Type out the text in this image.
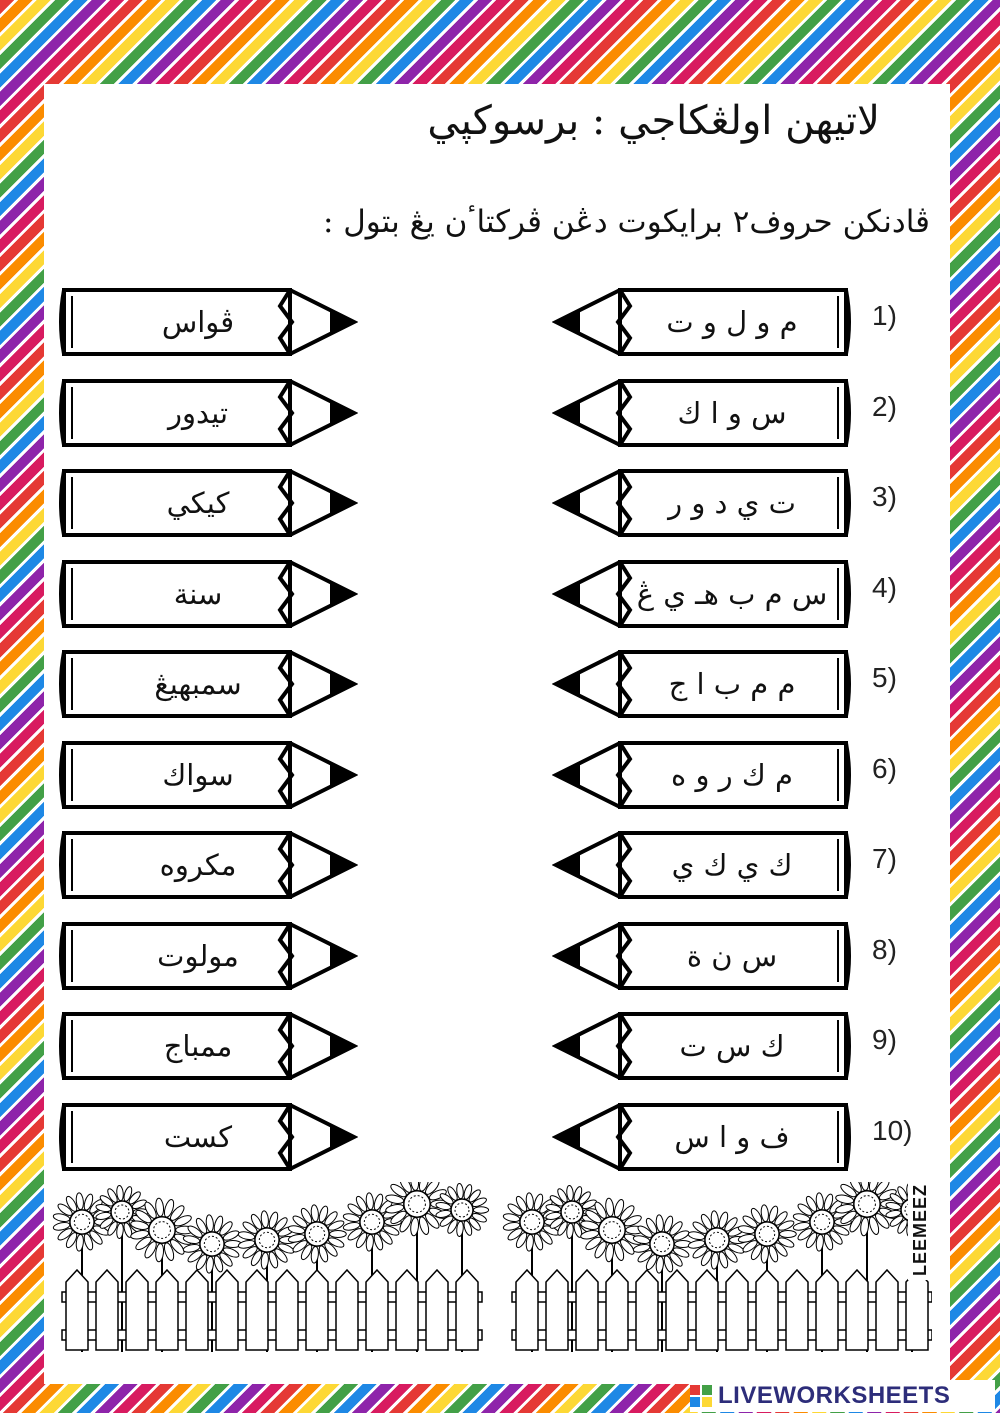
لاتيهن اولڠكاجي : برسوكڽي
ڤادنكن حروف٢ برايكوت دڠن ڤركتاٴن يڠ بتول :
ڤواس	م و ل و ت	1)
تيدور	س و ا ك	2)
كيكي	ت ي د و ر	3)
سنة	س م ب هـ ي ڠ 4)
سمبهيڠ	م م ب ا ج	5)
سواك	م ك ر و ه	6)
مكروه	ك ي ك ي	7)
مولوت	س ن ة	8)
ممباج	ك س ت	9)
كست	ف و ا س	10)
LEEMEEZ
LIVEWORKSHEETS
